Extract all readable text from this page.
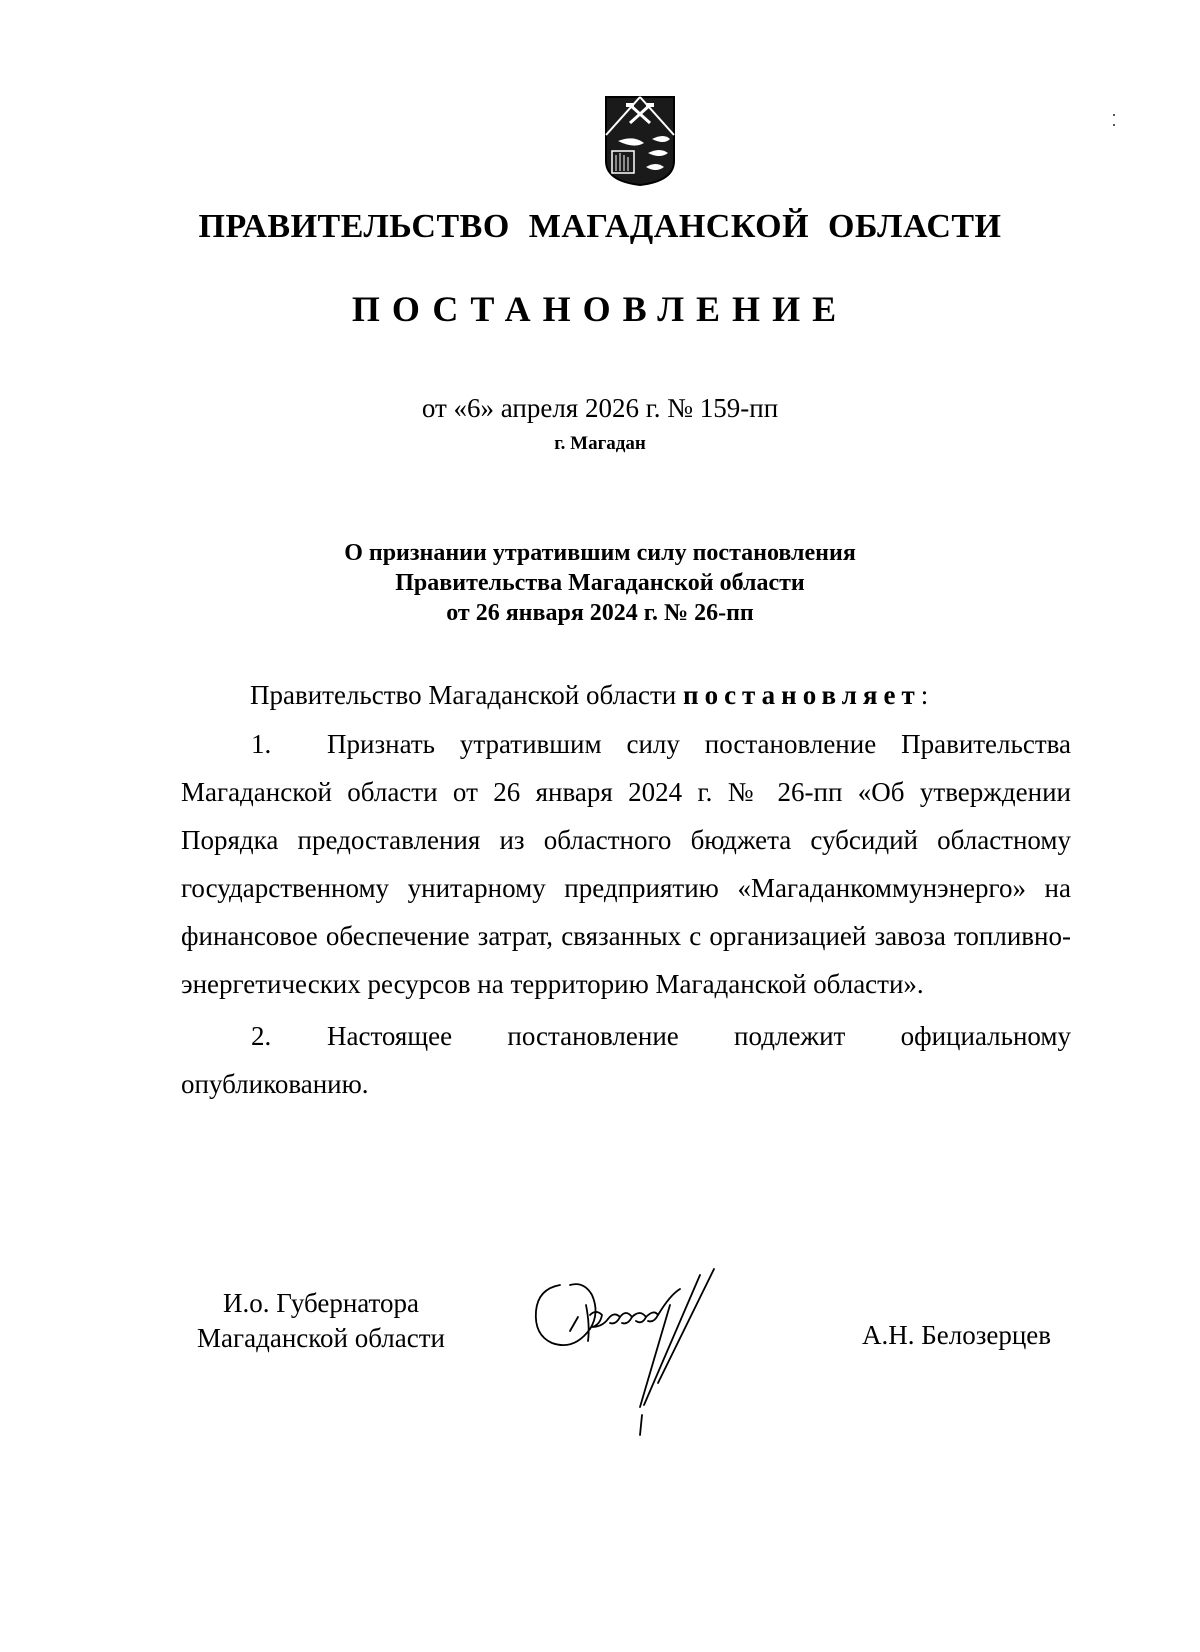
ПРАВИТЕЛЬСТВО МАГАДАНСКОЙ ОБЛАСТИ
ПОСТАНОВЛЕНИЕ
от «6» апреля 2026 г. № 159-пп
г. Магадан
О признании утратившим силу постановления
Правительства Магаданской области
от 26 января 2024 г. № 26-пп
Правительство Магаданской области постановляет:
1. Признать утратившим силу постановление Правительства Магаданской области от 26 января 2024 г. № 26-пп «Об утверждении Порядка предоставления из областного бюджета субсидий областному государственному унитарному предприятию «Магаданкоммунэнерго» на финансовое обеспечение затрат, связанных с организацией завоза топливно-энергетических ресурсов на территорию Магаданской области».
2. Настоящее постановление подлежит официальному опубликованию.
И.о. Губернатора
Магаданской области	А.Н. Белозерцев
